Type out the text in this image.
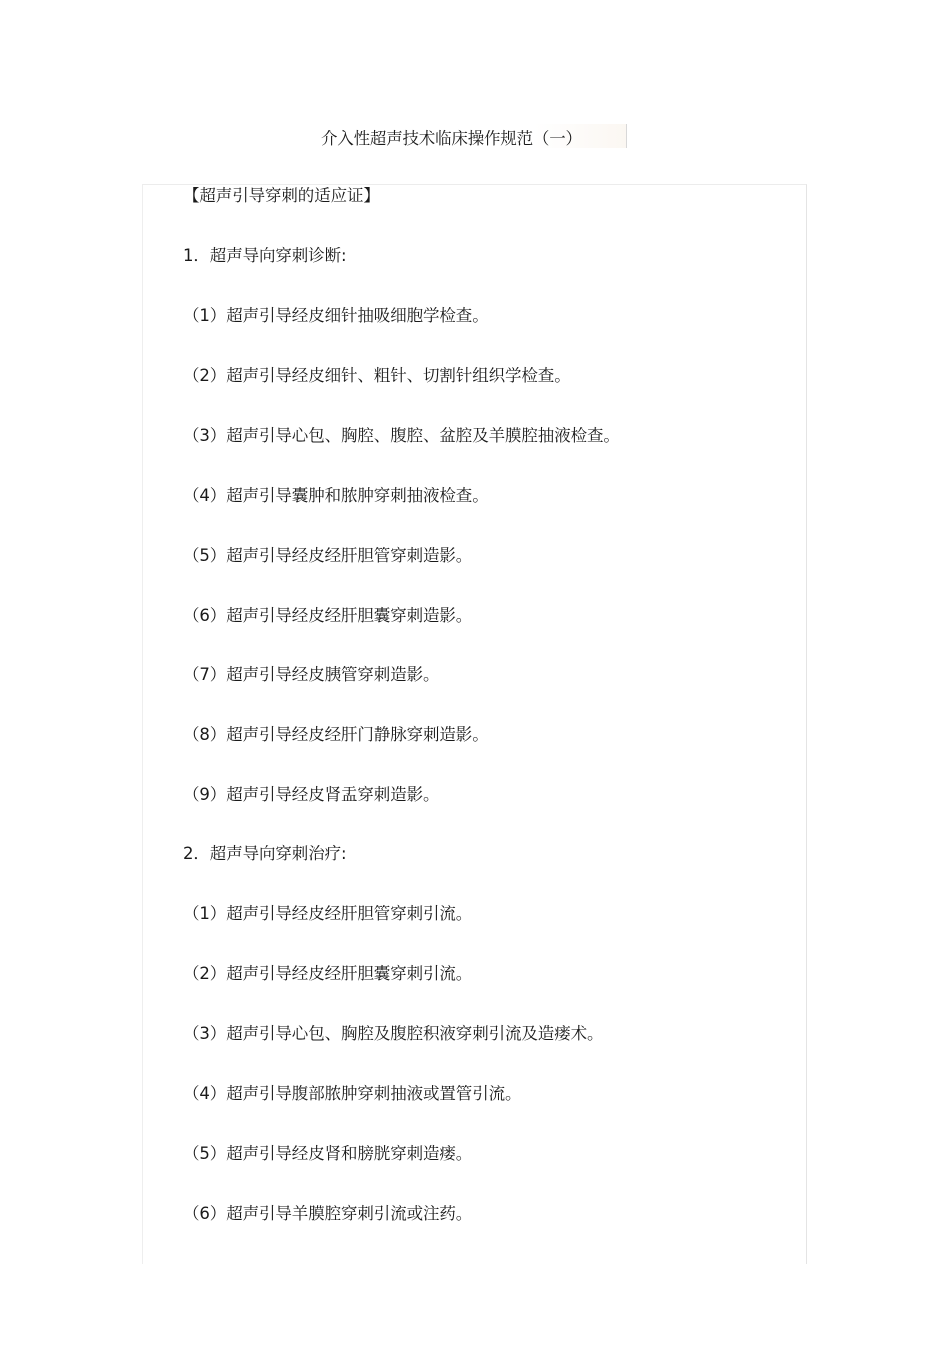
介入性超声技术临床操作规范（一）
【超声引导穿刺的适应证】
1．超声导向穿刺诊断:
（1）超声引导经皮细针抽吸细胞学检查。
（2）超声引导经皮细针、粗针、切割针组织学检查。
（3）超声引导心包、胸腔、腹腔、盆腔及羊膜腔抽液检查。
（4）超声引导囊肿和脓肿穿刺抽液检查。
（5）超声引导经皮经肝胆管穿刺造影。
（6）超声引导经皮经肝胆囊穿刺造影。
（7）超声引导经皮胰管穿刺造影。
（8）超声引导经皮经肝门静脉穿刺造影。
（9）超声引导经皮肾盂穿刺造影。
2．超声导向穿刺治疗:
（1）超声引导经皮经肝胆管穿刺引流。
（2）超声引导经皮经肝胆囊穿刺引流。
（3）超声引导心包、胸腔及腹腔积液穿刺引流及造瘘术。
（4）超声引导腹部脓肿穿刺抽液或置管引流。
（5）超声引导经皮肾和膀胱穿刺造瘘。
（6）超声引导羊膜腔穿刺引流或注药。
